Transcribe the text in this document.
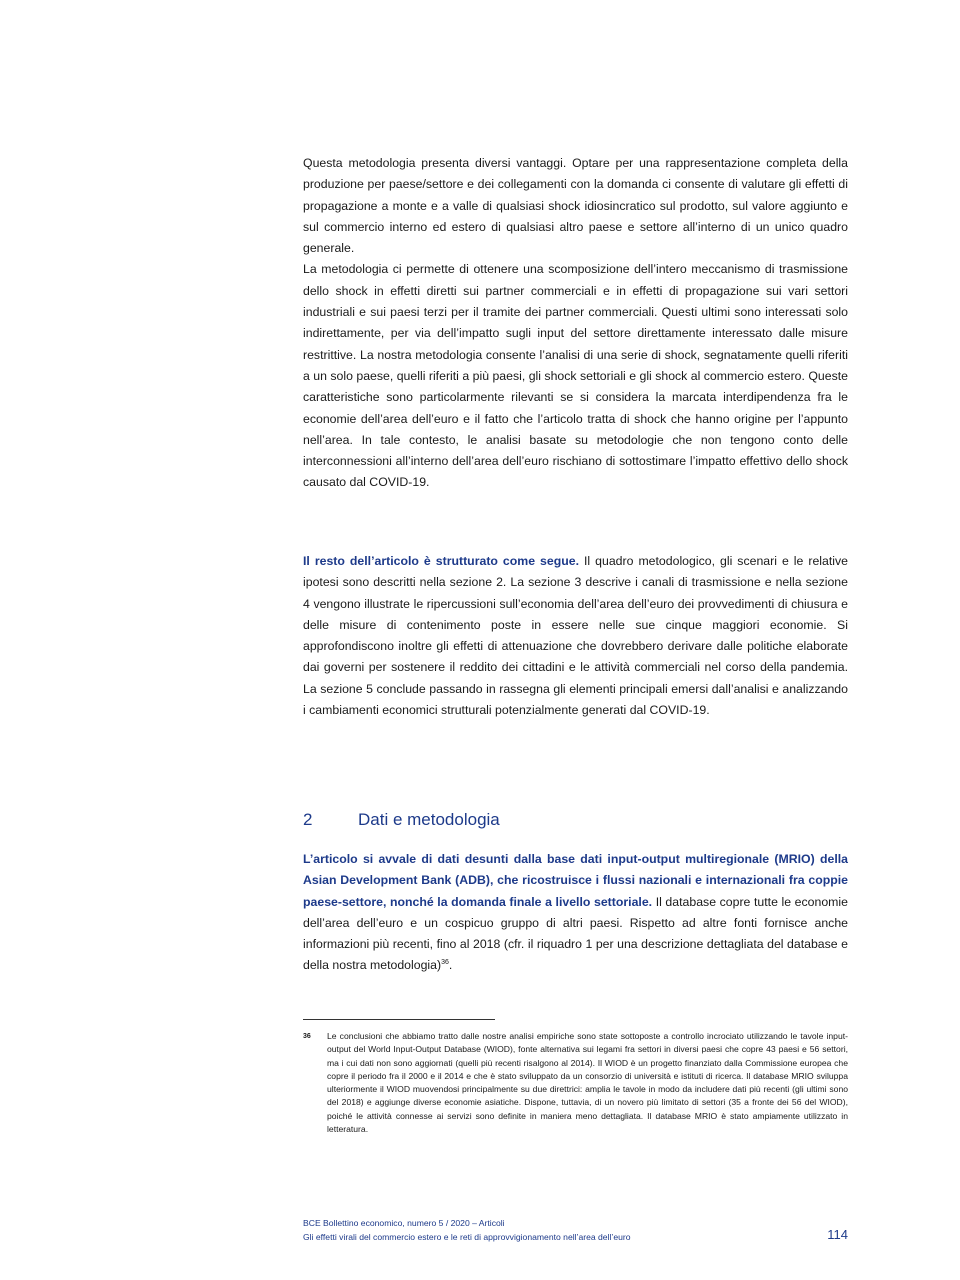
Questa metodologia presenta diversi vantaggi. Optare per una rappresentazione completa della produzione per paese/settore e dei collegamenti con la domanda ci consente di valutare gli effetti di propagazione a monte e a valle di qualsiasi shock idiosincratico sul prodotto, sul valore aggiunto e sul commercio interno ed estero di qualsiasi altro paese e settore all’interno di un unico quadro generale.

La metodologia ci permette di ottenere una scomposizione dell’intero meccanismo di trasmissione dello shock in effetti diretti sui partner commerciali e in effetti di propagazione sui vari settori industriali e sui paesi terzi per il tramite dei partner commerciali. Questi ultimi sono interessati solo indirettamente, per via dell’impatto sugli input del settore direttamente interessato dalle misure restrittive. La nostra metodologia consente l’analisi di una serie di shock, segnatamente quelli riferiti a un solo paese, quelli riferiti a più paesi, gli shock settoriali e gli shock al commercio estero. Queste caratteristiche sono particolarmente rilevanti se si considera la marcata interdipendenza fra le economie dell’area dell’euro e il fatto che l’articolo tratta di shock che hanno origine per l’appunto nell’area. In tale contesto, le analisi basate su metodologie che non tengono conto delle interconnessioni all’interno dell’area dell’euro rischiano di sottostimare l’impatto effettivo dello shock causato dal COVID-19.

Il resto dell’articolo è strutturato come segue. Il quadro metodologico, gli scenari e le relative ipotesi sono descritti nella sezione 2. La sezione 3 descrive i canali di trasmissione e nella sezione 4 vengono illustrate le ripercussioni sull’economia dell’area dell’euro dei provvedimenti di chiusura e delle misure di contenimento poste in essere nelle sue cinque maggiori economie. Si approfondiscono inoltre gli effetti di attenuazione che dovrebbero derivare dalle politiche elaborate dai governi per sostenere il reddito dei cittadini e le attività commerciali nel corso della pandemia. La sezione 5 conclude passando in rassegna gli elementi principali emersi dall’analisi e analizzando i cambiamenti economici strutturali potenzialmente generati dal COVID-19.

2	Dati e metodologia

L’articolo si avvale di dati desunti dalla base dati input-output multiregionale (MRIO) della Asian Development Bank (ADB), che ricostruisce i flussi nazionali e internazionali fra coppie paese-settore, nonché la domanda finale a livello settoriale. Il database copre tutte le economie dell’area dell’euro e un cospicuo gruppo di altri paesi. Rispetto ad altre fonti fornisce anche informazioni più recenti, fino al 2018 (cfr. il riquadro 1 per una descrizione dettagliata del database e della nostra metodologia)$^{36}$.

36 Le conclusioni che abbiamo tratto dalle nostre analisi empiriche sono state sottoposte a controllo incrociato utilizzando le tavole input-output del World Input-Output Database (WIOD), fonte alternativa sui legami fra settori in diversi paesi che copre 43 paesi e 56 settori, ma i cui dati non sono aggiornati (quelli più recenti risalgono al 2014). Il WIOD è un progetto finanziato dalla Commissione europea che copre il periodo fra il 2000 e il 2014 e che è stato sviluppato da un consorzio di università e istituti di ricerca. Il database MRIO sviluppa ulteriormente il WIOD muovendosi principalmente su due direttrici: amplia le tavole in modo da includere dati più recenti (gli ultimi sono del 2018) e aggiunge diverse economie asiatiche. Dispone, tuttavia, di un novero più limitato di settori (35 a fronte dei 56 del WIOD), poiché le attività connesse ai servizi sono definite in maniera meno dettagliata. Il database MRIO è stato ampiamente utilizzato in letteratura.
BCE Bollettino economico, numero 5 / 2020 – Articoli
Gli effetti virali del commercio estero e le reti di approvvigionamento nell’area dell’euro	114
